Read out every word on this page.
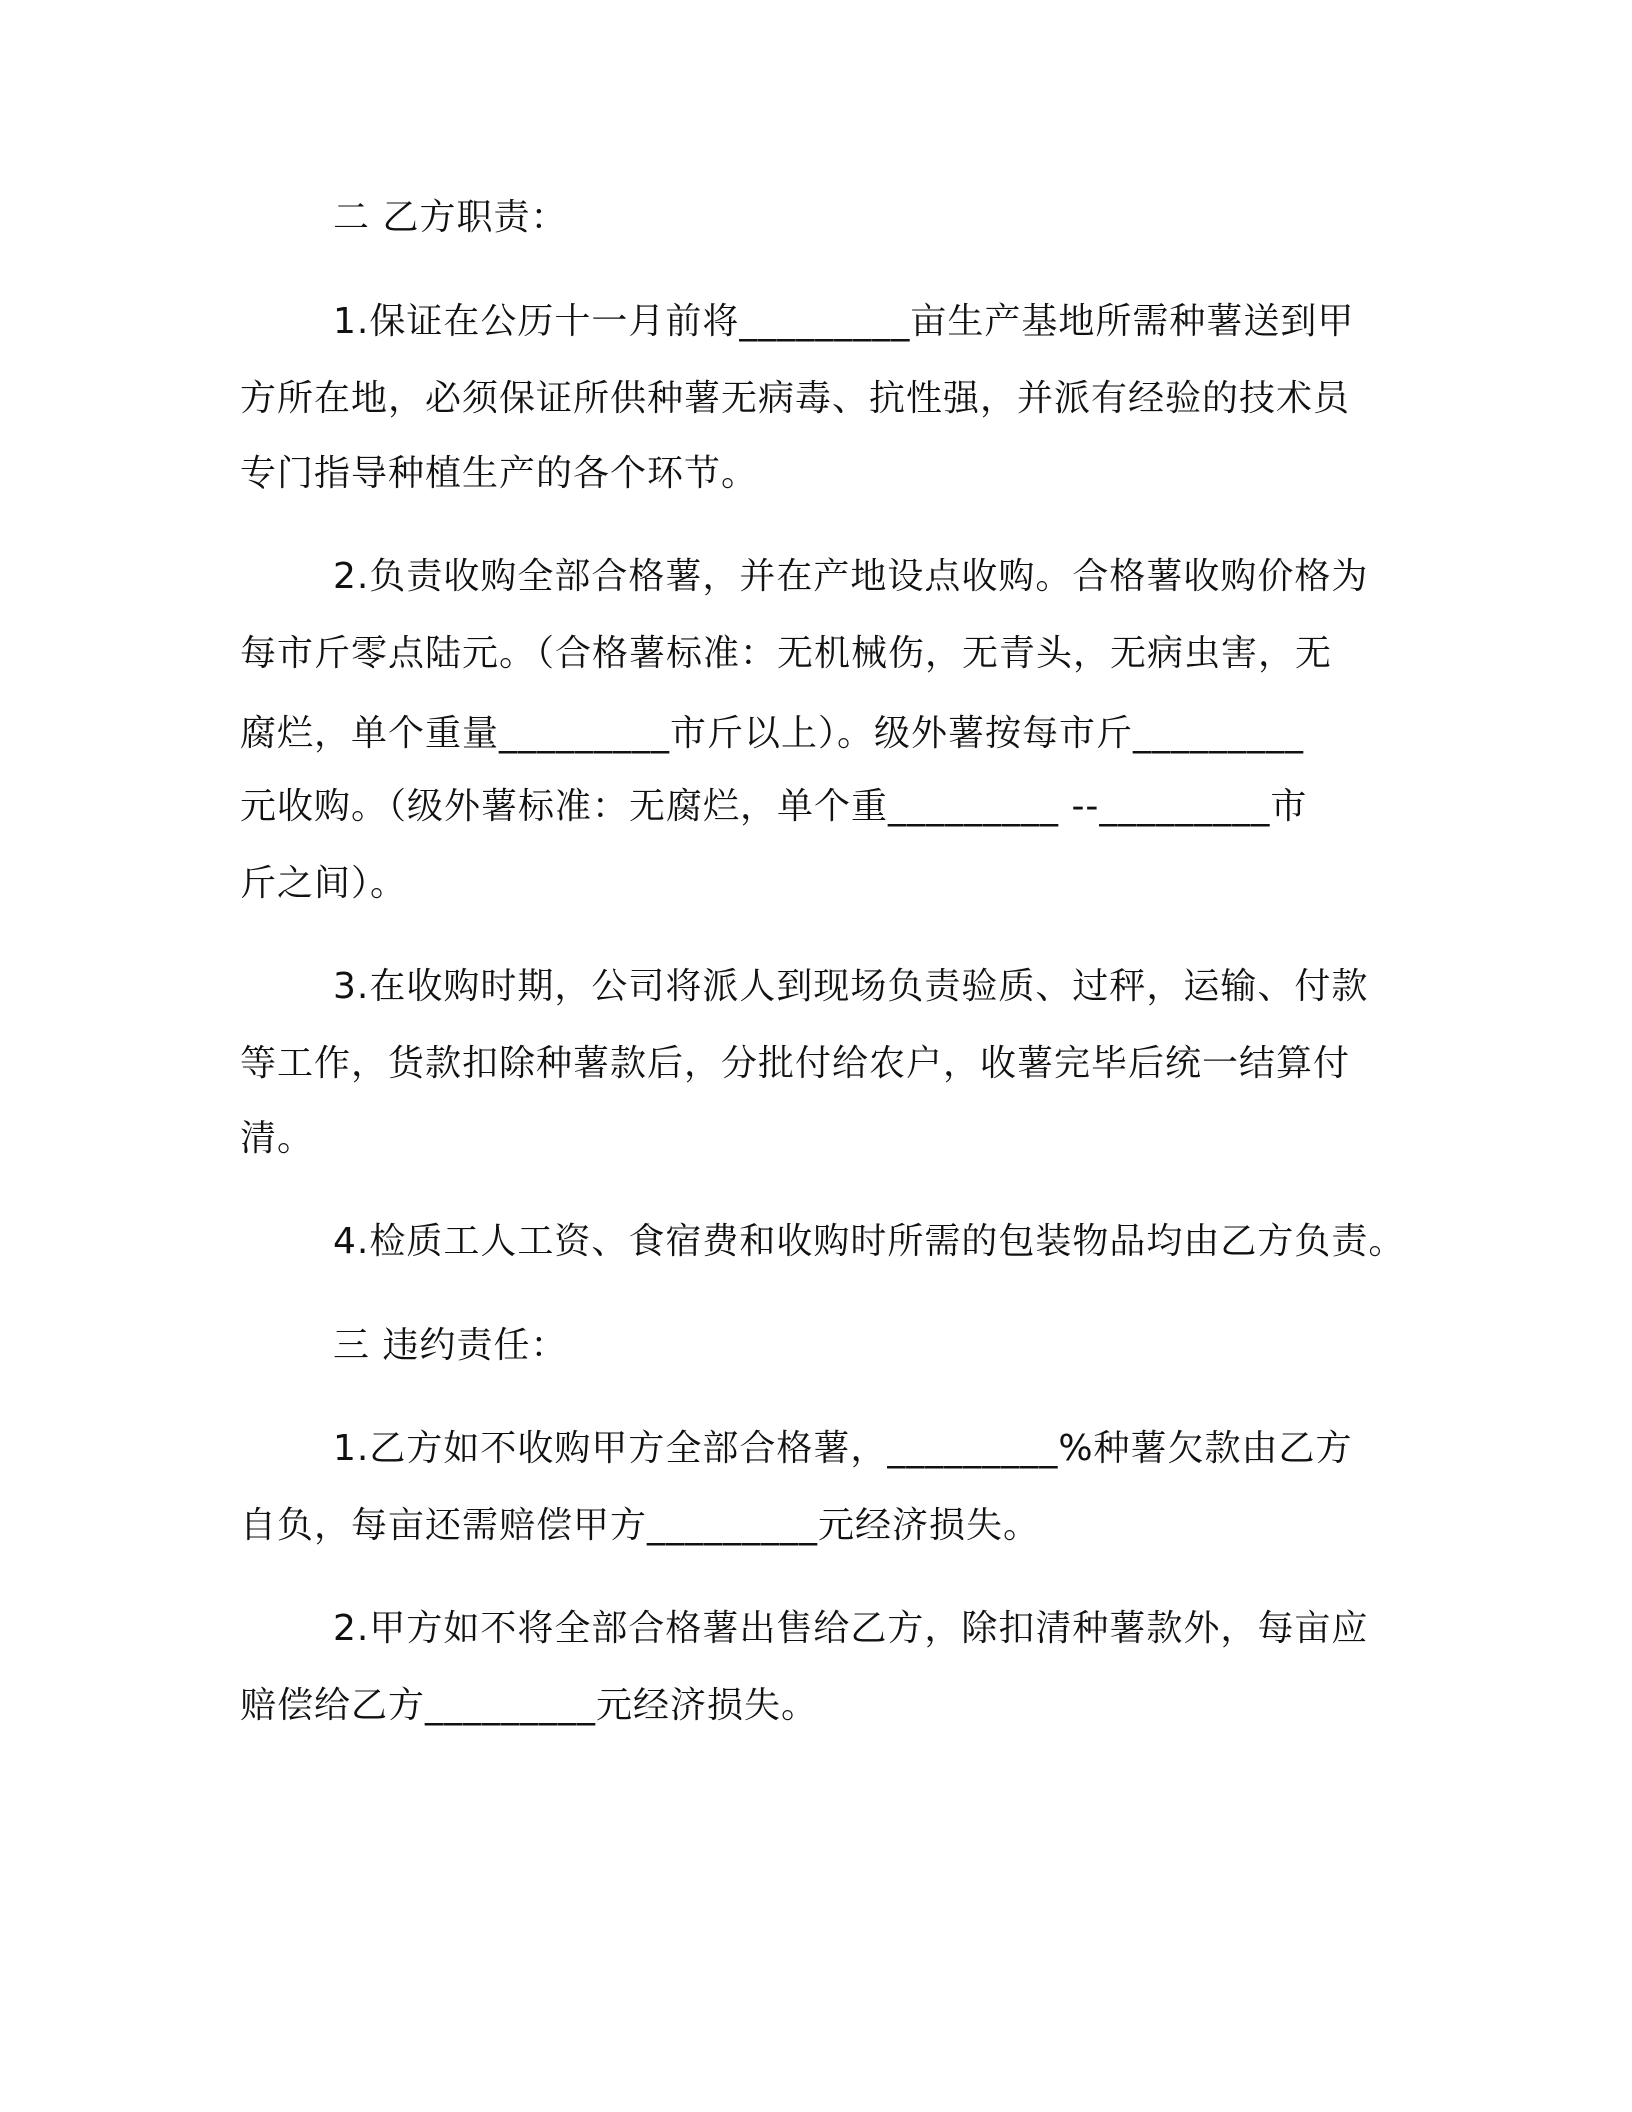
二 乙方职责：

1.保证在公历十一月前将_________亩生产基地所需种薯送到甲

方所在地，必须保证所供种薯无病毒、抗性强，并派有经验的技术员

专门指导种植生产的各个环节。

2.负责收购全部合格薯，并在产地设点收购。合格薯收购价格为

每市斤零点陆元。（合格薯标准：无机械伤，无青头，无病虫害，无

腐烂，单个重量_________市斤以上）。级外薯按每市斤_________

元收购。（级外薯标准：无腐烂，单个重_________ --_________市

斤之间）。

3.在收购时期，公司将派人到现场负责验质、过秤，运输、付款

等工作，货款扣除种薯款后，分批付给农户，收薯完毕后统一结算付

清。

4.检质工人工资、食宿费和收购时所需的包装物品均由乙方负责。

三 违约责任：

1.乙方如不收购甲方全部合格薯，_________%种薯欠款由乙方

自负，每亩还需赔偿甲方_________元经济损失。

2.甲方如不将全部合格薯出售给乙方，除扣清种薯款外，每亩应

赔偿给乙方_________元经济损失。
